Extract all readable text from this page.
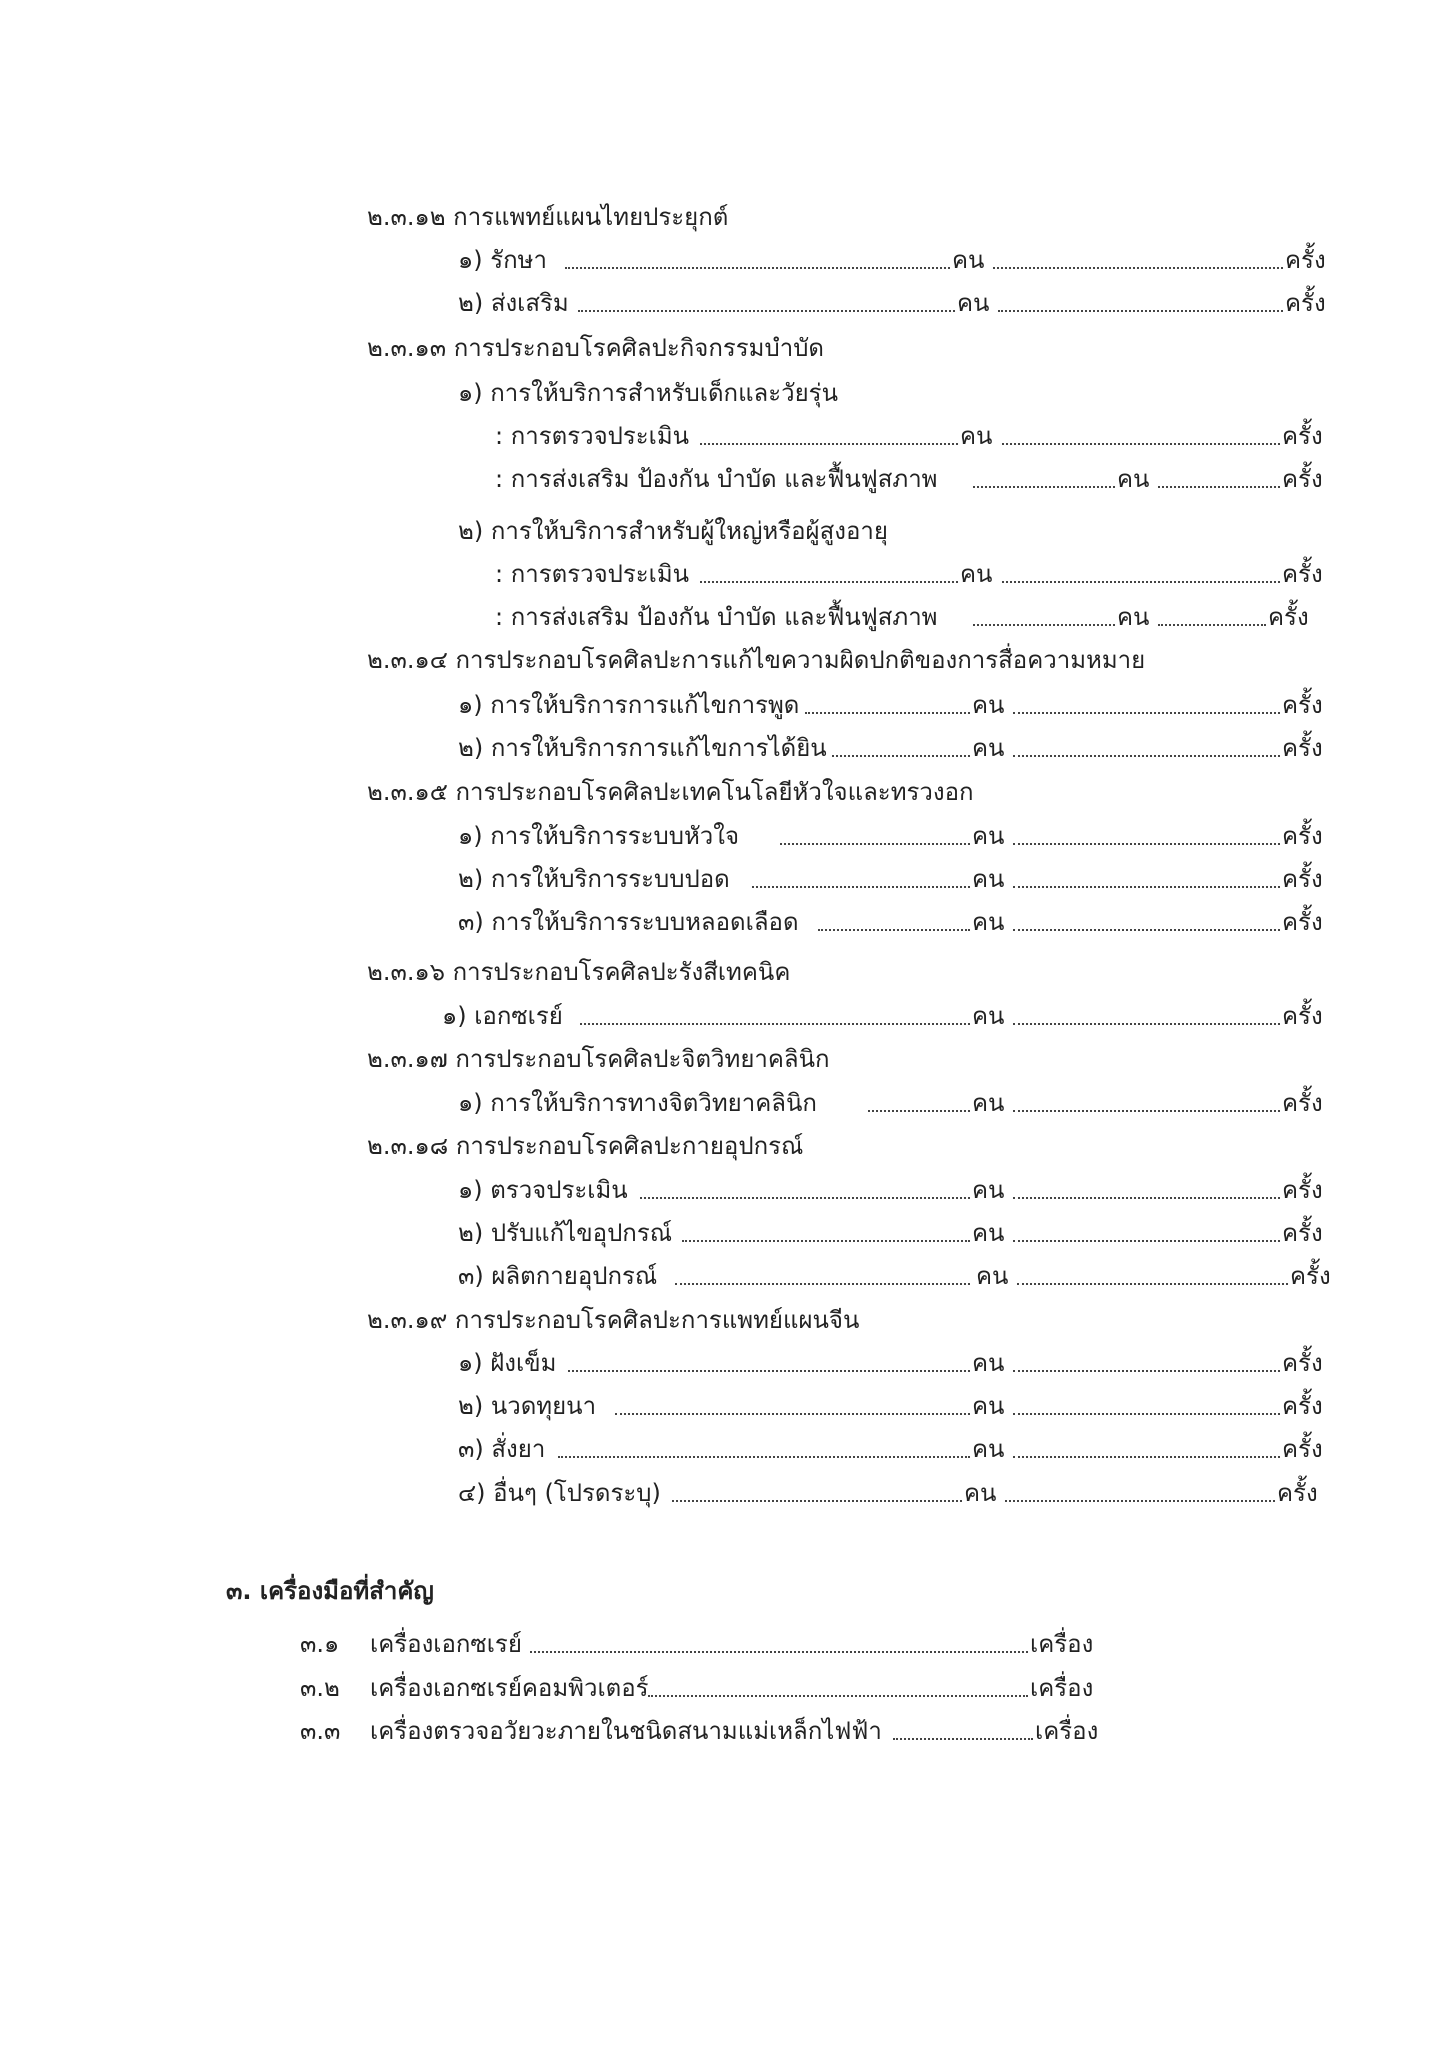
๒.๓.๑๒ การแพทย์แผนไทยประยุกต์
๑) รักษา	คน	ครั้ง
๒) ส่งเสริม	คน	ครั้ง
๒.๓.๑๓ การประกอบโรคศิลปะกิจกรรมบำบัด
๑) การให้บริการสำหรับเด็กและวัยรุ่น
: การตรวจประเมิน	คน	ครั้ง
: การส่งเสริม ป้องกัน บำบัด และฟื้นฟูสภาพ	คน	ครั้ง
๒) การให้บริการสำหรับผู้ใหญ่หรือผู้สูงอายุ
: การตรวจประเมิน	คน	ครั้ง
: การส่งเสริม ป้องกัน บำบัด และฟื้นฟูสภาพ	คน	ครั้ง
๒.๓.๑๔ การประกอบโรคศิลปะการแก้ไขความผิดปกติของการสื่อความหมาย
๑) การให้บริการการแก้ไขการพูด	คน	ครั้ง
๒) การให้บริการการแก้ไขการได้ยิน	คน	ครั้ง
๒.๓.๑๕ การประกอบโรคศิลปะเทคโนโลยีหัวใจและทรวงอก
๑) การให้บริการระบบหัวใจ	คน	ครั้ง
๒) การให้บริการระบบปอด	คน	ครั้ง
๓) การให้บริการระบบหลอดเลือด	คน	ครั้ง
๒.๓.๑๖ การประกอบโรคศิลปะรังสีเทคนิค
๑) เอกซเรย์	คน	ครั้ง
๒.๓.๑๗ การประกอบโรคศิลปะจิตวิทยาคลินิก
๑) การให้บริการทางจิตวิทยาคลินิก	คน	ครั้ง
๒.๓.๑๘ การประกอบโรคศิลปะกายอุปกรณ์
๑) ตรวจประเมิน	คน	ครั้ง
๒) ปรับแก้ไขอุปกรณ์	คน	ครั้ง
๓) ผลิตกายอุปกรณ์	คน	ครั้ง
๒.๓.๑๙ การประกอบโรคศิลปะการแพทย์แผนจีน
๑) ฝังเข็ม	คน	ครั้ง
๒) นวดทุยนา	คน	ครั้ง
๓) สั่งยา	คน	ครั้ง
๔) อื่นๆ (โปรดระบุ)	คน	ครั้ง
๓. เครื่องมือที่สำคัญ
๓.๑ เครื่องเอกซเรย์	เครื่อง
๓.๒ เครื่องเอกซเรย์คอมพิวเตอร์	เครื่อง
๓.๓ เครื่องตรวจอวัยวะภายในชนิดสนามแม่เหล็กไฟฟ้า	เครื่อง
